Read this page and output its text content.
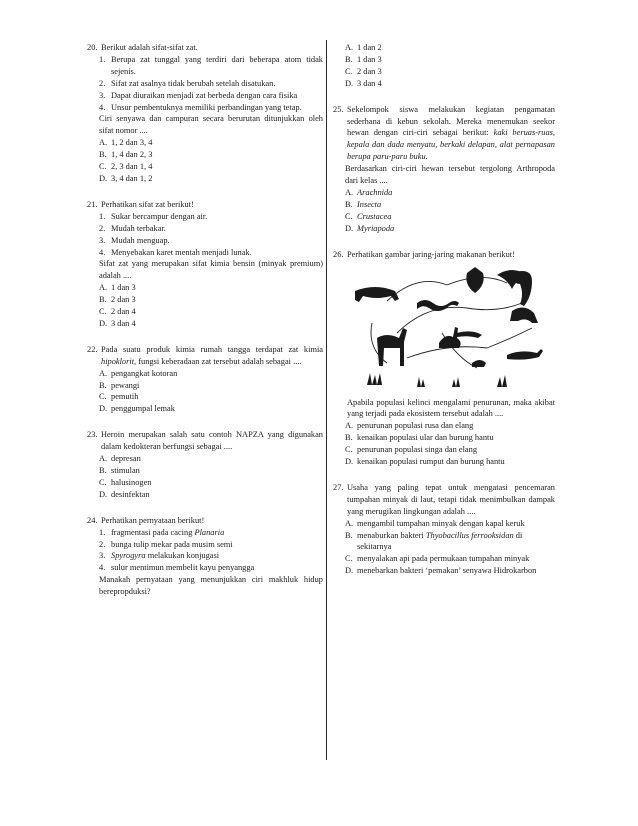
20. Berikut adalah sifat-sifat zat.
1. Berupa zat tunggal yang terdiri dari beberapa atom tidak sejenis.
2. Sifat zat asalnya tidak berubah setelah disatukan.
3. Dapat diuraikan menjadi zat berbeda dengan cara fisika
4. Unsur pembentuknya memiliki perbandingan yang tetap.
Ciri senyawa dan campuran secara berurutan ditunjukkan oleh sifat nomor ....
A. 1, 2 dan 3, 4
B. 1, 4 dan 2, 3
C. 2, 3 dan 1, 4
D. 3, 4 dan 1, 2
21. Perhatikan sifat zat berikut!
1. Sukar bercampur dengan air.
2. Mudah terbakar.
3. Mudah menguap.
4. Menyebakan karet mentah menjadi lunak.
Sifat zat yang merupakan sifat kimia bensin (minyak premium) adalah ....
A. 1 dan 3
B. 2 dan 3
C. 2 dan 4
D. 3 dan 4
22. Pada suatu produk kimia rumah tangga terdapat zat kimia hipoklorit, fungsi keberadaan zat tersebut adalah sebagai ....
A. pengangkat kotoran
B. pewangi
C. pemutih
D. penggumpal lemak
23. Heroin merupakan salah satu contoh NAPZA yang digunakan dalam kedokteran berfungsi sebagai ....
A. depresan
B. stimulan
C. halusinogen
D. desinfektan
24. Perhatikan pernyataan berikut!
1. fragmentasi pada cacing Planaria
2. bunga tulip mekar pada musim semi
3. Spyrogyra melakukan konjugasi
4. sulur mentimun membelit kayu penyangga
Manakah pernyataan yang menunjukkan ciri makhluk hidup berepropduksi?
A. 1 dan 2
B. 1 dan 3
C. 2 dan 3
D. 3 dan 4
25. Sekelompok siswa melakukan kegiatan pengamatan sederhana di kebun sekolah. Mereka menemukan seekor hewan dengan ciri-ciri sebagai berikut: kaki beruas-ruas, kepala dan dada menyatu, berkaki delapan, alat pernapasan berupa paru-paru buku.
Berdasarkan ciri-ciri hewan tersebut tergolong Arthropoda dari kelas ....
A. Arachnida
B. Insecta
C. Crustacea
D. Myriapoda
26. Perhatikan gambar jaring-jaring makanan berikut!
Apabila populasi kelinci mengalami penurunan, maka akibat yang terjadi pada ekosistem tersebut adalah ....
A. penurunan populasi rusa dan elang
B. kenaikan populasi ular dan burung hantu
C. penurunan populasi singa dan elang
D. kenaikan populasi rumput dan burung hantu
27. Usaha yang paling tepat untuk mengatasi pencemaran tumpahan minyak di laut, tetapi tidak menimbulkan dampak yang merugikan lingkungan adalah ....
A. mengambil tumpahan minyak dengan kapal keruk
B. menaburkan bakteri Thyobacillus ferrooksidan di sekitarnya
C. menyalakan api pada permukaan tumpahan minyak
D. menebarkan bakteri ‘pemakan’ senyawa Hidrokarbon
